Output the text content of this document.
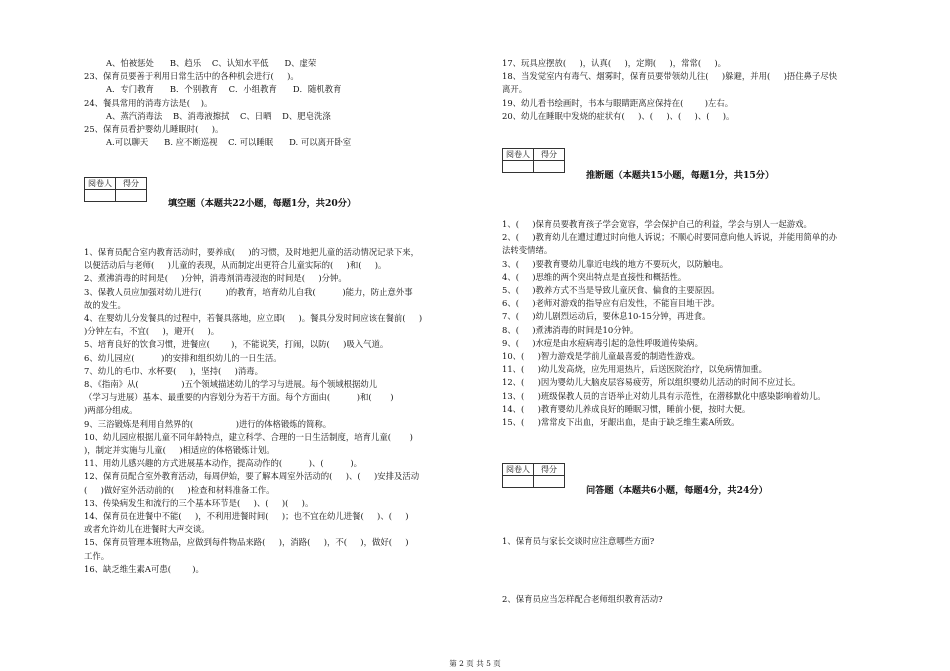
A、怕被惩处      B、趋乐    C、认知水平低      D、虚荣
23、保育员要善于利用日常生活中的各种机会进行(     )。
A．专门教育      B．个别教育    C．小组教育      D．随机教育
24、餐具常用的消毒方法是(    )。
A、蒸汽消毒法    B、消毒液擦拭    C、日晒    D、肥皂洗涤
25、保育员看护婴幼儿睡眠时(     )。
A.可以聊天      B. 应不断巡视    C. 可以睡眠      D. 可以离开卧室
阅卷人	得分

填空题（本题共22小题，每题1分，共20分）
1、保育员配合室内教育活动时，要养成(     )的习惯，及时地把儿童的活动情况记录下来，
以便活动后与老师(     )儿童的表现，从而制定出更符合儿童实际的(     )和(     )。
2、煮沸消毒的时间是(     )分钟，消毒剂消毒浸泡的时间是(     )分钟。
3、保教人员应加强对幼儿进行(         )的教育，培育幼儿自我(          )能力，防止意外事
故的发生。
4、在婴幼儿分发餐具的过程中，若餐具落地，应立即(     )。餐具分发时间应该在餐前(     )
)分钟左右，不宜(     )，避开(     )。
5、培育良好的饮食习惯，进餐应(        )，不能说笑，打闹，以防(     )吸入气道。
6、幼儿园应(          )的安排和组织幼儿的一日生活。
7、幼儿的毛巾、水杯要(     )，坚持(     )消毒。
8、《指南》从(                )五个领域描述幼儿的学习与进展。每个领域根据幼儿
（学习与进展）基本、最重要的内容划分为若干方面。每个方面由(          )和(       )
)两部分组成。
9、三浴锻炼是利用自然界的(                )进行的体格锻炼的简称。
10、幼儿园应根据儿童不同年龄特点，建立科学、合理的一日生活制度，培育儿童(       )
)，制定并实施与儿童(     )相适应的体格锻炼计划。
11、用幼儿感兴趣的方式进展基本动作，提高动作的(          )、(          )。
12、保育员配合室外教育活动，每周伊始，要了解本周室外活动的(     )、(     )安排及活动
(     )做好室外活动前的(     )检查和材料准备工作。
13、传染病发生和流行的三个基本环节是(     )、(     )(     )。
14、保育员在进餐中不能(     )，不利用进餐时间(     )；也不宜在幼儿进餐(     )、(     )
或者允许幼儿在进餐时大声交谈。
15、保育员管理本班物品，应做到每件物品来路(     )，消路(     )，不(     )，做好(     )
工作。
16、缺乏维生素A可患(        )。
17、玩具应摆放(     )，认真(     )，定期(     )，常常(     )。
18、当发觉室内有毒气、烟雾时，保育员要带领幼儿往(     )躲避，并用(     )捂住鼻子尽快
离开。
19、幼儿看书绘画时，书本与眼睛距离应保持在(        )左右。
20、幼儿在睡眠中发烧的症状有(     )、(     )、(     )、(     )。
阅卷人	得分

推断题（本题共15小题，每题1分，共15分）
1、(     )保育员要教育孩子学会宽容，学会保护自己的利益，学会与别人一起游戏。
2、(     )教育幼儿在遭过遭过时向他人诉说；不顺心时要同意向他人诉说，并能用简单的办
法转变情绪。
3、(     )要教育婴幼儿靠近电线的地方不要玩火，以防触电。
4、(     )思维的两个突出特点是直接性和概括性。
5、(     )教养方式不当是导致儿童厌食、偏食的主要原因。
6、(     )老师对游戏的指导应有启发性，不能盲目地干涉。
7、(     )幼儿剧烈运动后，要休息10-15分钟，再进食。
8、(     )煮沸消毒的时间是10分钟。
9、(     )水痘是由水痘病毒引起的急性呼吸道传染病。
10、(     )智力游戏是学前儿童最喜爱的制造性游戏。
11、(     )幼儿发高烧，应先用退热片，后送医院治疗，以免病情加重。
12、(     )因为婴幼儿大脑皮层容易疲劳，所以组织婴幼儿活动的时间不应过长。
13、(     )班级保教人员的言语举止对幼儿具有示范性，在潜移默化中感染影响着幼儿。
14、(     )教育婴幼儿养成良好的睡眠习惯，睡前小便，按时大便。
15、(     )常常皮下出血，牙龈出血，是由于缺乏维生素A所致。
阅卷人	得分

问答题（本题共6小题，每题4分，共24分）
1、保育员与家长交谈时应注意哪些方面?
2、保育员应当怎样配合老师组织教育活动?
第 2 页 共 5 页
